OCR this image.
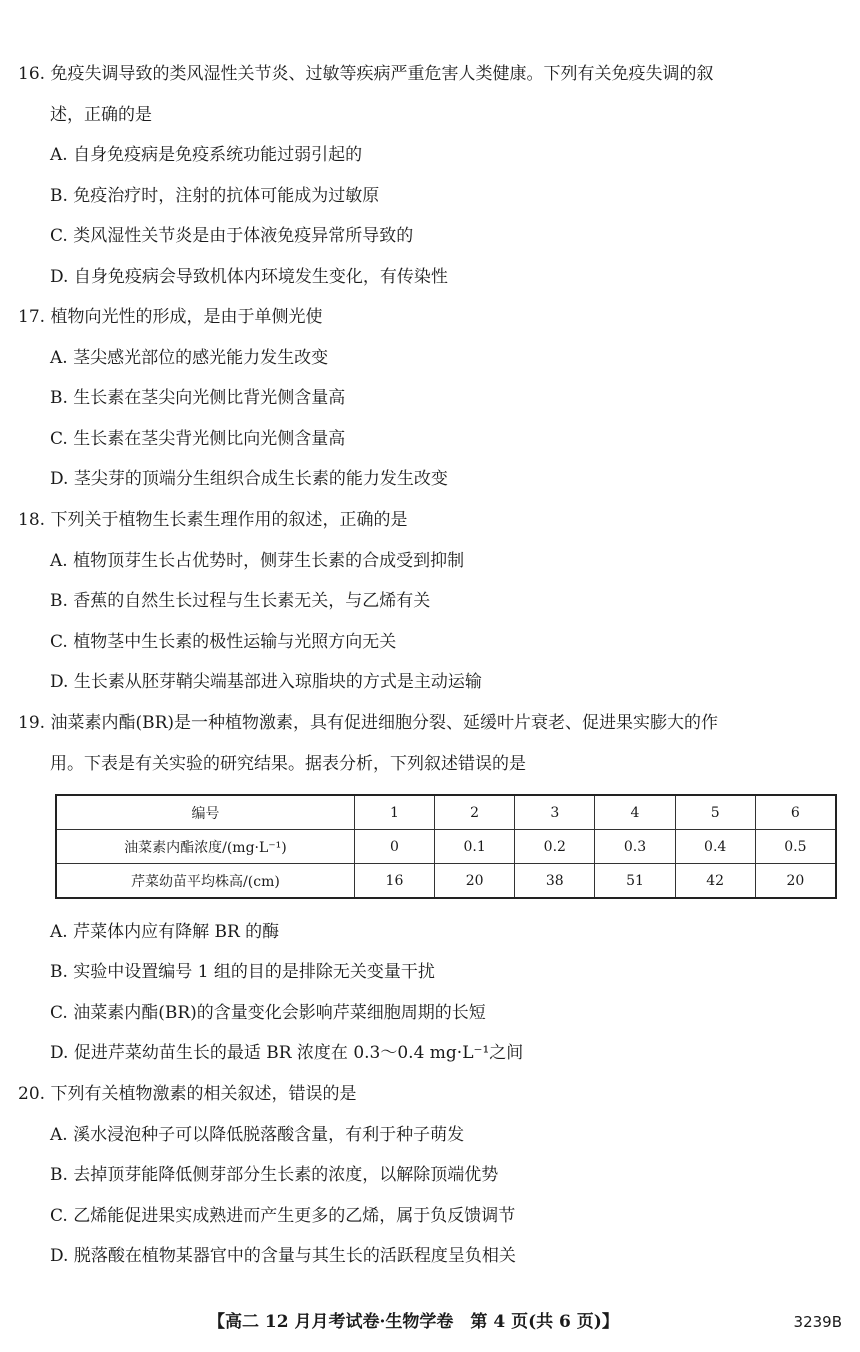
16. 免疫失调导致的类风湿性关节炎、过敏等疾病严重危害人类健康。下列有关免疫失调的叙
述，正确的是
A. 自身免疫病是免疫系统功能过弱引起的
B. 免疫治疗时，注射的抗体可能成为过敏原
C. 类风湿性关节炎是由于体液免疫异常所导致的
D. 自身免疫病会导致机体内环境发生变化，有传染性
17. 植物向光性的形成，是由于单侧光使
A. 茎尖感光部位的感光能力发生改变
B. 生长素在茎尖向光侧比背光侧含量高
C. 生长素在茎尖背光侧比向光侧含量高
D. 茎尖芽的顶端分生组织合成生长素的能力发生改变
18. 下列关于植物生长素生理作用的叙述，正确的是
A. 植物顶芽生长占优势时，侧芽生长素的合成受到抑制
B. 香蕉的自然生长过程与生长素无关，与乙烯有关
C. 植物茎中生长素的极性运输与光照方向无关
D. 生长素从胚芽鞘尖端基部进入琼脂块的方式是主动运输
19. 油菜素内酯(BR)是一种植物激素，具有促进细胞分裂、延缓叶片衰老、促进果实膨大的作
用。下表是有关实验的研究结果。据表分析，下列叙述错误的是
编号	1	2	3	4	5	6
油菜素内酯浓度/(mg·L⁻¹)	0	0.1	0.2	0.3	0.4	0.5
芹菜幼苗平均株高/(cm)	16	20	38	51	42	20
A. 芹菜体内应有降解 BR 的酶
B. 实验中设置编号 1 组的目的是排除无关变量干扰
C. 油菜素内酯(BR)的含量变化会影响芹菜细胞周期的长短
D. 促进芹菜幼苗生长的最适 BR 浓度在 0.3～0.4 mg·L⁻¹之间
20. 下列有关植物激素的相关叙述，错误的是
A. 溪水浸泡种子可以降低脱落酸含量，有利于种子萌发
B. 去掉顶芽能降低侧芽部分生长素的浓度，以解除顶端优势
C. 乙烯能促进果实成熟进而产生更多的乙烯，属于负反馈调节
D. 脱落酸在植物某器官中的含量与其生长的活跃程度呈负相关
【高二 12 月月考试卷·生物学卷　第 4 页(共 6 页)】	3239B
